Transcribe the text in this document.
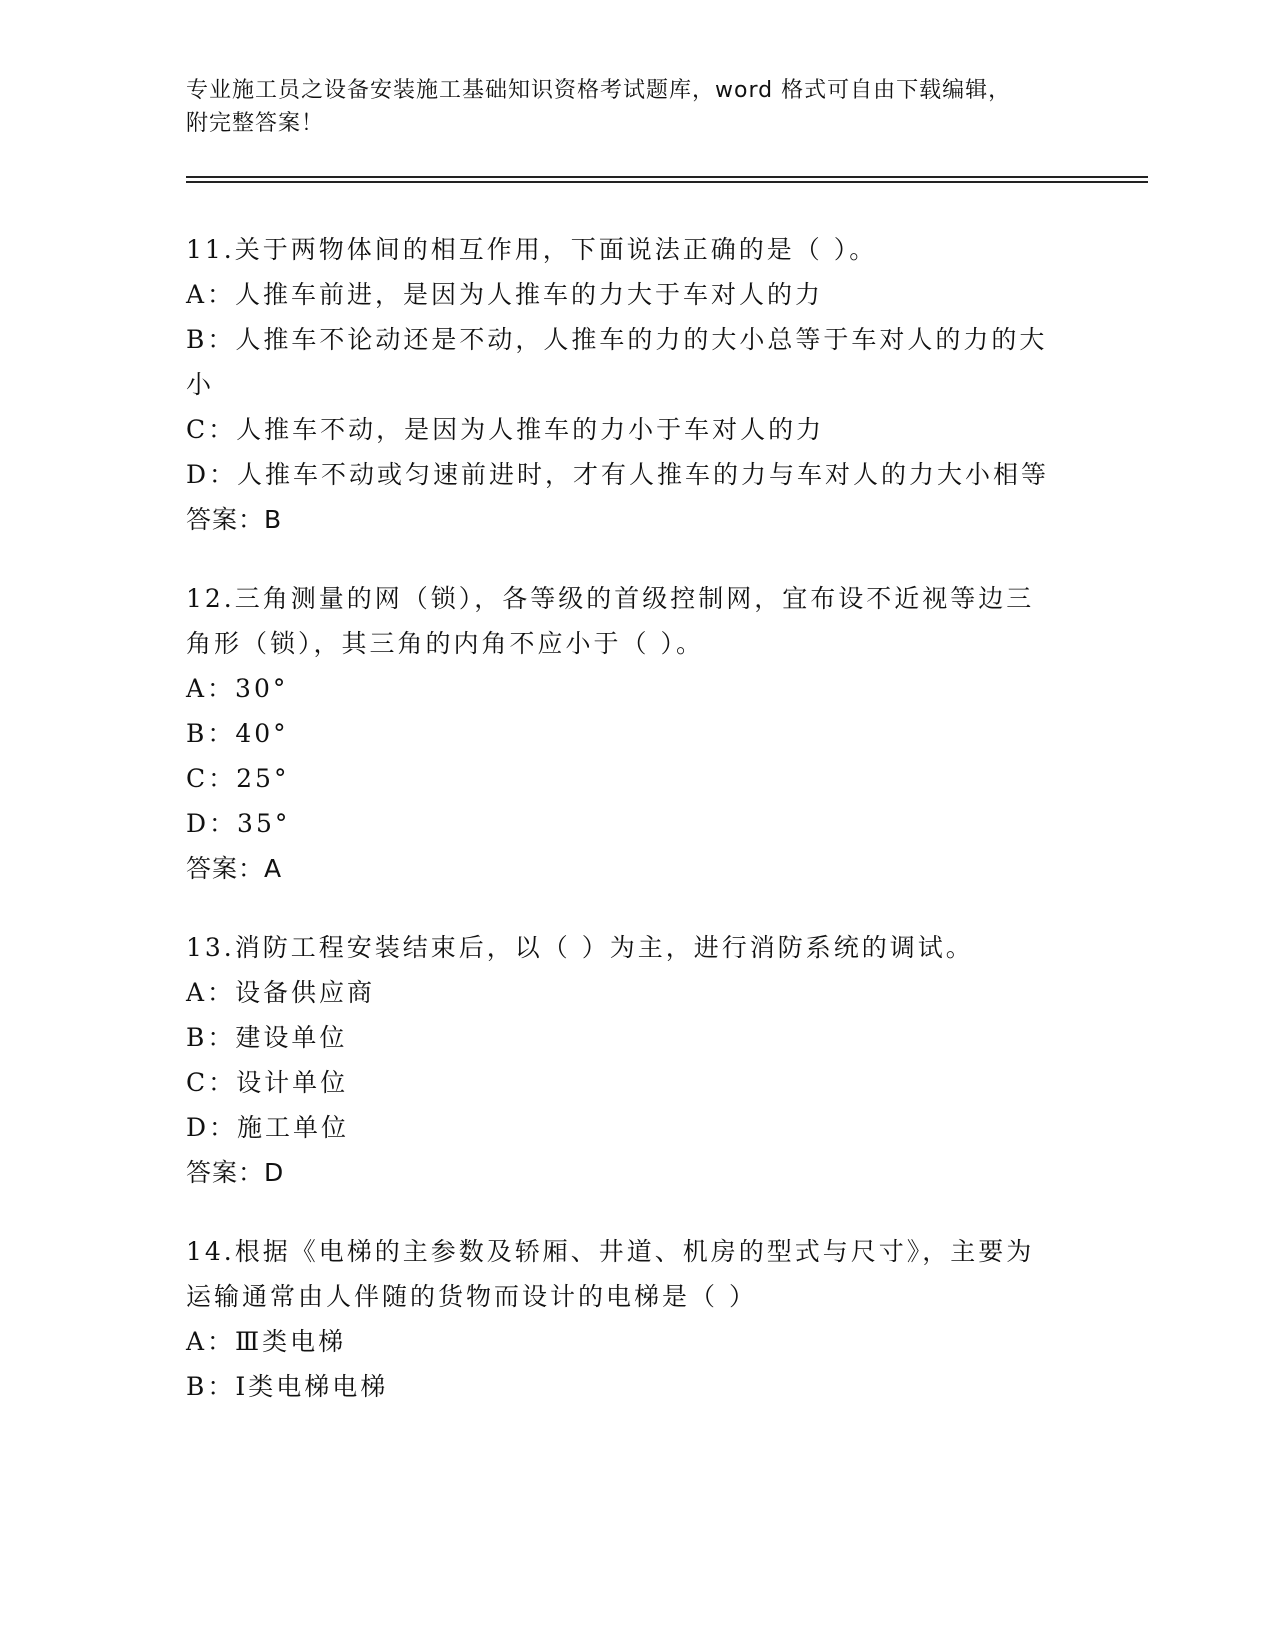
专业施工员之设备安装施工基础知识资格考试题库，word 格式可自由下载编辑，
附完整答案！
11.关于两物体间的相互作用，下面说法正确的是（ ）。
A：人推车前进，是因为人推车的力大于车对人的力
B：人推车不论动还是不动，人推车的力的大小总等于车对人的力的大
小
C：人推车不动，是因为人推车的力小于车对人的力
D：人推车不动或匀速前进时，才有人推车的力与车对人的力大小相等
答案：B
12.三角测量的网（锁），各等级的首级控制网，宜布设不近视等边三
角形（锁），其三角的内角不应小于（ ）。
A：30°
B：40°
C：25°
D：35°
答案：A
13.消防工程安装结束后，以（ ）为主，进行消防系统的调试。
A：设备供应商
B：建设单位
C：设计单位
D：施工单位
答案：D
14.根据《电梯的主参数及轿厢、井道、机房的型式与尺寸》，主要为
运输通常由人伴随的货物而设计的电梯是（ ）
A：Ⅲ类电梯
B：Ⅰ类电梯电梯
